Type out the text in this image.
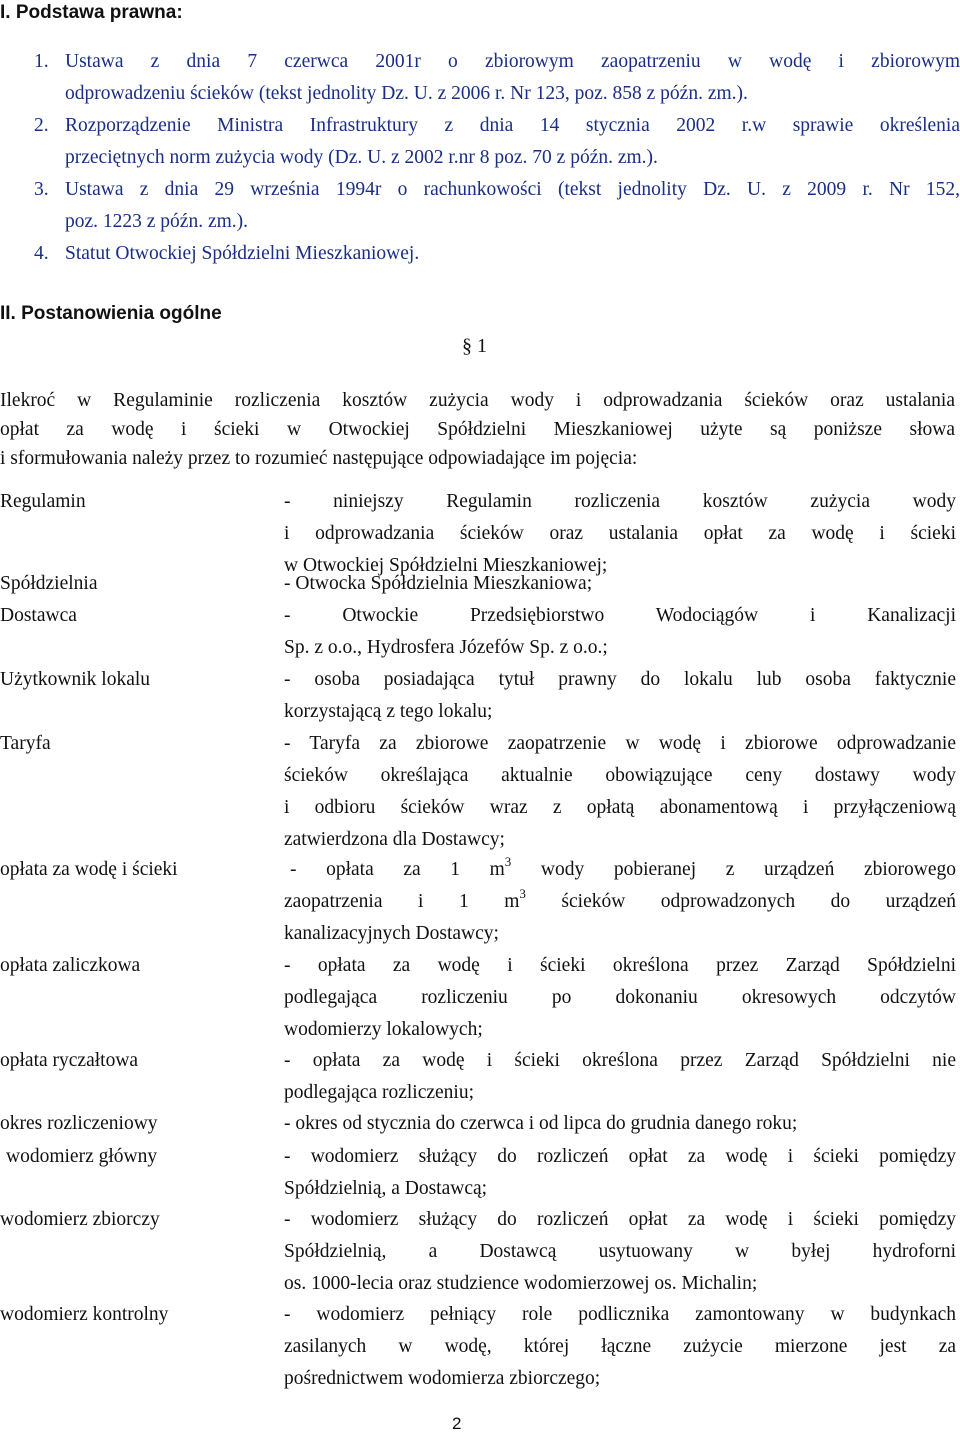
I. Podstawa prawna:
1. Ustawa z dnia 7 czerwca 2001r o zbiorowym zaopatrzeniu w wodę i zbiorowym
odprowadzeniu ścieków (tekst jednolity Dz. U. z 2006 r. Nr 123, poz. 858 z późn. zm.).
2. Rozporządzenie Ministra Infrastruktury z dnia 14 stycznia 2002 r.w sprawie określenia
przeciętnych norm zużycia wody (Dz. U. z 2002 r.nr 8 poz. 70 z późn. zm.).
3. Ustawa z dnia 29 września 1994r o rachunkowości (tekst jednolity Dz. U. z 2009 r. Nr 152,
poz. 1223 z późn. zm.).
4. Statut Otwockiej Spółdzielni Mieszkaniowej.
II. Postanowienia ogólne
§ 1
Ilekroć w Regulaminie rozliczenia kosztów zużycia wody i odprowadzania ścieków oraz ustalania
opłat za wodę i ścieki w Otwockiej Spółdzielni Mieszkaniowej użyte są poniższe słowa
i sformułowania należy przez to rozumieć następujące odpowiadające im pojęcia:
Regulamin	- niniejszy Regulamin rozliczenia kosztów zużycia wody
i odprowadzania ścieków oraz ustalania opłat za wodę i ścieki
w Otwockiej Spółdzielni Mieszkaniowej;
Spółdzielnia	- Otwocka Spółdzielnia Mieszkaniowa;
Dostawca	- Otwockie Przedsiębiorstwo Wodociągów i Kanalizacji
Sp. z o.o., Hydrosfera Józefów Sp. z o.o.;
Użytkownik lokalu	- osoba posiadająca tytuł prawny do lokalu lub osoba faktycznie
korzystającą z tego lokalu;
Taryfa	- Taryfa za zbiorowe zaopatrzenie w wodę i zbiorowe odprowadzanie
ścieków określająca aktualnie obowiązujące ceny dostawy wody
i odbioru ścieków wraz z opłatą abonamentową i przyłączeniową
zatwierdzona dla Dostawcy;
opłata za wodę i ścieki	- opłata za 1 $m^3$ wody pobieranej z urządzeń zbiorowego
zaopatrzenia i 1 $m^3$ ścieków odprowadzonych do urządzeń
kanalizacyjnych Dostawcy;
opłata zaliczkowa	- opłata za wodę i ścieki określona przez Zarząd Spółdzielni
podlegająca rozliczeniu po dokonaniu okresowych odczytów
wodomierzy lokalowych;
opłata ryczałtowa	- opłata za wodę i ścieki określona przez Zarząd Spółdzielni nie
podlegająca rozliczeniu;
okres rozliczeniowy	- okres od stycznia do czerwca i od lipca do grudnia danego roku;
wodomierz główny	- wodomierz służący do rozliczeń opłat za wodę i ścieki pomiędzy
Spółdzielnią, a Dostawcą;
wodomierz zbiorczy	- wodomierz służący do rozliczeń opłat za wodę i ścieki pomiędzy
Spółdzielnią, a Dostawcą usytuowany w byłej hydroforni
os. 1000-lecia oraz studzience wodomierzowej os. Michalin;
wodomierz kontrolny	- wodomierz pełniący role podlicznika zamontowany w budynkach
zasilanych w wodę, której łączne zużycie mierzone jest za
pośrednictwem wodomierza zbiorczego;
2
